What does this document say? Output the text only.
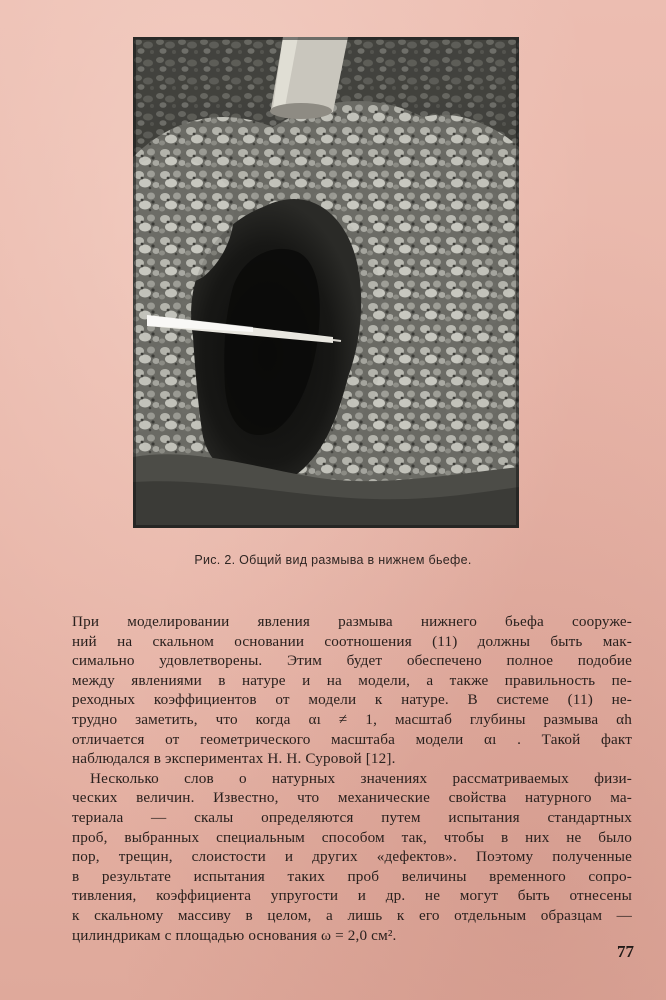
Рис. 2. Общий вид размыва в нижнем бьефе.

При моделировании явления размыва нижнего бьефа сооруже-
ний на скальном основании соотношения (11) должны быть мак-
симально удовлетворены. Этим будет обеспечено полное подобие
между явлениями в натуре и на модели, а также правильность пе-
реходных коэффициентов от модели к натуре. В системе (11) не-
трудно заметить, что когда αı ≠ 1, масштаб глубины размыва αh
отличается от геометрического масштаба модели αı . Такой факт
наблюдался в экспериментах Н. Н. Суровой [12].

Несколько слов о натурных значениях рассматриваемых физи-
ческих величин. Известно, что механические свойства натурного ма-
териала — скалы определяются путем испытания стандартных
проб, выбранных специальным способом так, чтобы в них не было
пор, трещин, слоистости и других «дефектов». Поэтому полученные
в результате испытания таких проб величины временного сопро-
тивления, коэффициента упругости и др. не могут быть отнесены
к скальному массиву в целом, а лишь к его отдельным образцам —
цилиндрикам с площадью основания ω = 2,0 см².

77
